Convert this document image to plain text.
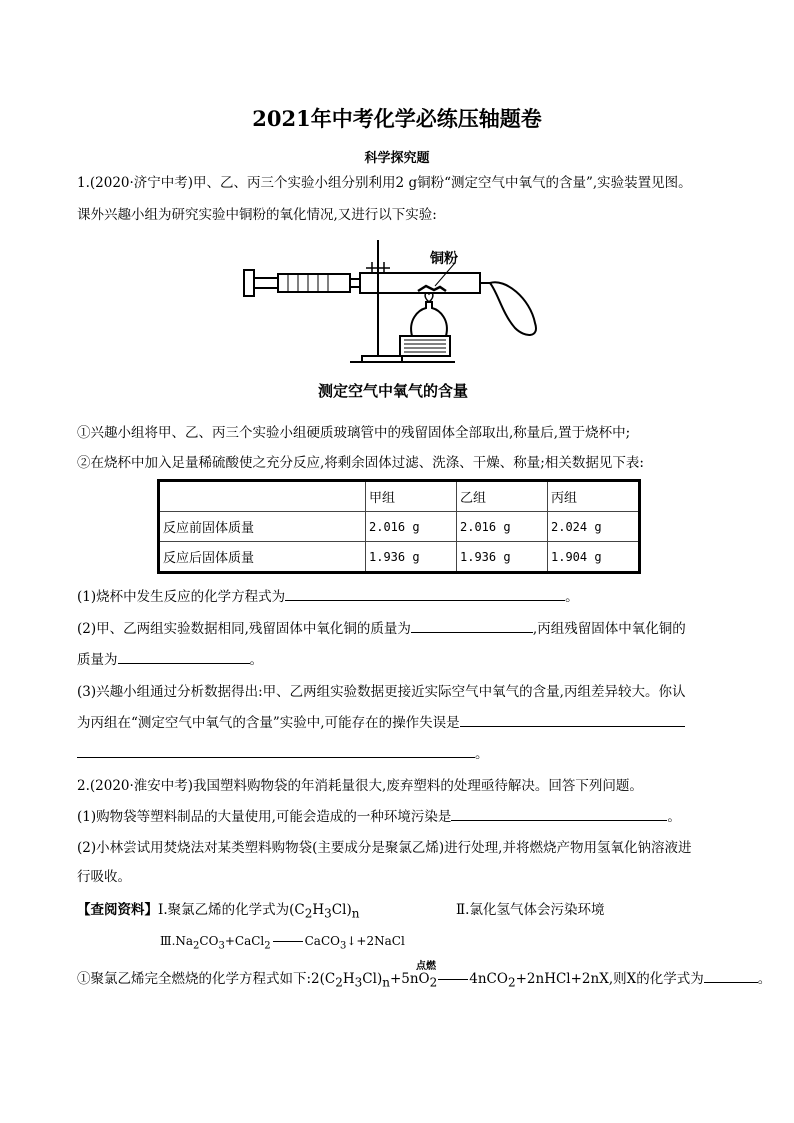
2021年中考化学必练压轴题卷
科学探究题
1.(2020·济宁中考)甲、乙、丙三个实验小组分别利用2 g铜粉“测定空气中氧气的含量”,实验装置见图。
课外兴趣小组为研究实验中铜粉的氧化情况,又进行以下实验:
铜粉
测定空气中氧气的含量
①兴趣小组将甲、乙、丙三个实验小组硬质玻璃管中的残留固体全部取出,称量后,置于烧杯中;
②在烧杯中加入足量稀硫酸使之充分反应,将剩余固体过滤、洗涤、干燥、称量;相关数据见下表:
	甲组	乙组	丙组
反应前固体质量	2.016 g	2.016 g	2.024 g
反应后固体质量	1.936 g	1.936 g	1.904 g
(1)烧杯中发生反应的化学方程式为	。
(2)甲、乙两组实验数据相同,残留固体中氧化铜的质量为	,丙组残留固体中氧化铜的
质量为	。
(3)兴趣小组通过分析数据得出:甲、乙两组实验数据更接近实际空气中氧气的含量,丙组差异较大。你认
为丙组在“测定空气中氧气的含量”实验中,可能存在的操作失误是
。
2.(2020·淮安中考)我国塑料购物袋的年消耗量很大,废弃塑料的处理亟待解决。回答下列问题。
(1)购物袋等塑料制品的大量使用,可能会造成的一种环境污染是	。
(2)小林尝试用焚烧法对某类塑料购物袋(主要成分是聚氯乙烯)进行处理,并将燃烧产物用氢氧化钠溶液进
行吸收。
【查阅资料】Ⅰ.聚氯乙烯的化学式为$(C_2H_3Cl)_n$	Ⅱ.氯化氢气体会污染环境
$Ⅲ.Na_2CO_3+CaCl_2$	CaCO$_3$↓+2NaCl
点燃
①聚氯乙烯完全燃烧的化学方程式如下$:2(C_2H_3Cl)_n+5nO_2$ 4nCO$_2$+2nHCl+2nX,则X的化学式为	。
